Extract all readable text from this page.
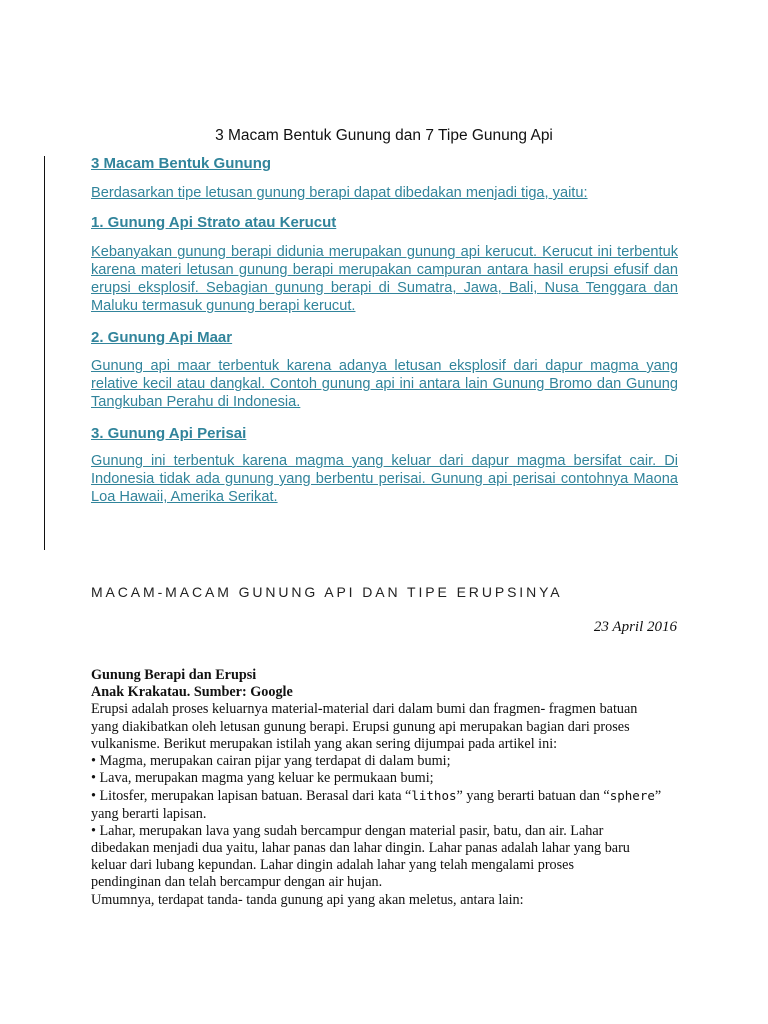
3 Macam Bentuk Gunung dan 7 Tipe Gunung Api
3 Macam Bentuk Gunung
Berdasarkan tipe letusan gunung berapi dapat dibedakan menjadi tiga, yaitu:
1. Gunung Api Strato atau Kerucut
Kebanyakan gunung berapi didunia merupakan gunung api kerucut. Kerucut ini terbentuk karena materi letusan gunung berapi merupakan campuran antara hasil erupsi efusif dan erupsi eksplosif. Sebagian gunung berapi di Sumatra, Jawa, Bali, Nusa Tenggara dan Maluku termasuk gunung berapi kerucut.
2. Gunung Api Maar
Gunung api maar terbentuk karena adanya letusan eksplosif dari dapur magma yang relative kecil atau dangkal. Contoh gunung api ini antara lain Gunung Bromo dan Gunung Tangkuban Perahu di Indonesia.
3. Gunung Api Perisai
Gunung ini terbentuk karena magma yang keluar dari dapur magma bersifat cair. Di Indonesia tidak ada gunung yang berbentu perisai. Gunung api perisai contohnya Maona Loa Hawaii, Amerika Serikat.
MACAM-MACAM GUNUNG API DAN TIPE ERUPSINYA
23 April 2016
Gunung Berapi dan Erupsi
Anak Krakatau. Sumber: Google
Erupsi adalah proses keluarnya material-material dari dalam bumi dan fragmen- fragmen batuan
yang diakibatkan oleh letusan gunung berapi. Erupsi gunung api merupakan bagian dari proses
vulkanisme. Berikut merupakan istilah yang akan sering dijumpai pada artikel ini:
• Magma, merupakan cairan pijar yang terdapat di dalam bumi;
• Lava, merupakan magma yang keluar ke permukaan bumi;
• Litosfer, merupakan lapisan batuan. Berasal dari kata “lithos” yang berarti batuan dan “sphere”
yang berarti lapisan.
• Lahar, merupakan lava yang sudah bercampur dengan material pasir, batu, dan air. Lahar
dibedakan menjadi dua yaitu, lahar panas dan lahar dingin. Lahar panas adalah lahar yang baru
keluar dari lubang kepundan. Lahar dingin adalah lahar yang telah mengalami proses
pendinginan dan telah bercampur dengan air hujan.
Umumnya, terdapat tanda- tanda gunung api yang akan meletus, antara lain:
